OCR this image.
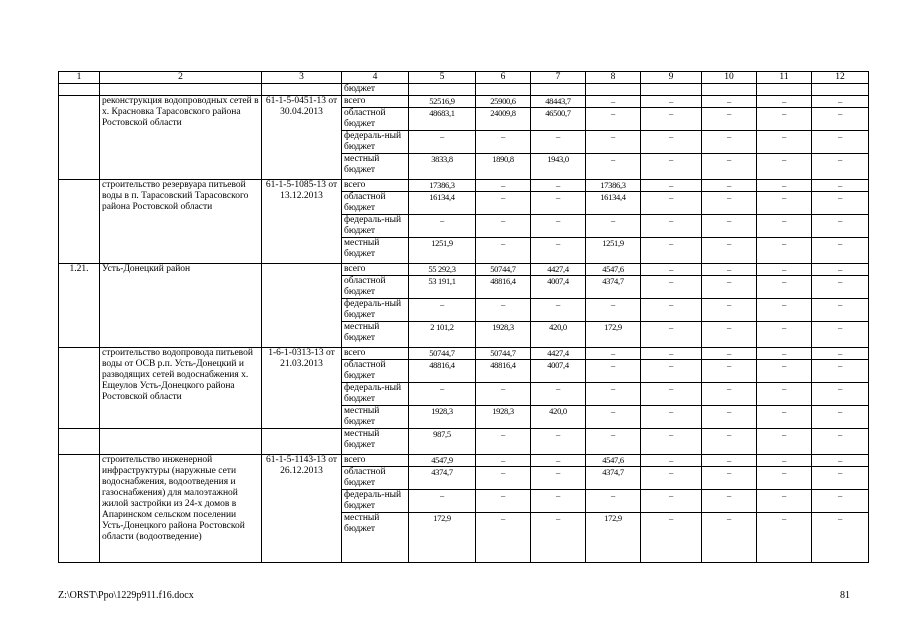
1	2	3	4	5	6	7	8	9	10	11	12
			бюджет								
	реконструкция водопроводных сетей в х. Красновка Тарасовского района Ростовской области	61-1-5-0451-13 от 30.04.2013	всего	52516,9	25900,6	48443,7	–	–	–	–	–
			областной бюджет	48683,1	24009,8	46500,7	–	–	–	–	–
			федераль-ный бюджет	–	–	–	–	–	–	–	–
			местный бюджет	3833,8	1890,8	1943,0	–	–	–	–	–
	строительство резервуара питьевой воды в п. Тарасовский Тарасовского района Ростовской области	61-1-5-1085-13 от 13.12.2013	всего	17386,3	–	–	17386,3	–	–	–	–
			областной бюджет	16134,4	–	–	16134,4	–	–	–	–
			федераль-ный бюджет	–	–	–	–	–	–	–	–
			местный бюджет	1251,9	–	–	1251,9	–	–	–	–
1.21.	Усть-Донецкий район		всего	55 292,3	50744,7	4427,4	4547,6	–	–	–	–
			областной бюджет	53 191,1	48816,4	4007,4	4374,7	–	–	–	–
			федераль-ный бюджет	–	–	–	–	–	–	–	–
			местный бюджет	2 101,2	1928,3	420,0	172,9	–	–	–	–
	строительство водопровода питьевой воды от ОСВ р.п. Усть-Донецкий и разводящих сетей водоснабжения х. Ещеулов Усть-Донецкого района Ростовской области	1-6-1-0313-13 от 21.03.2013	всего	50744,7	50744,7	4427,4	–	–	–	–	–
			областной бюджет	48816,4	48816,4	4007,4	–	–	–	–	–
			федераль-ный бюджет	–	–	–	–	–	–	–	–
			местный бюджет	1928,3	1928,3	420,0	–	–	–	–	–
			местный бюджет	987,5	–	–	–	–	–	–	–
	строительство инженерной инфраструктуры (наружные сети водоснабжения, водоотведения и газоснабжения) для малоэтажной жилой застройки из 24-х домов в Апаринском сельском поселении Усть-Донецкого района Ростовской области (водоотведение)	61-1-5-1143-13 от 26.12.2013	всего	4547,9	–	–	4547,6	–	–	–	–
			областной бюджет	4374,7	–	–	4374,7	–	–	–	–
			федераль-ный бюджет	–	–	–	–	–	–	–	–
			местный бюджет	172,9	–	–	172,9	–	–	–	–
Z:\ORST\Ppo\1229p911.f16.docx	81
